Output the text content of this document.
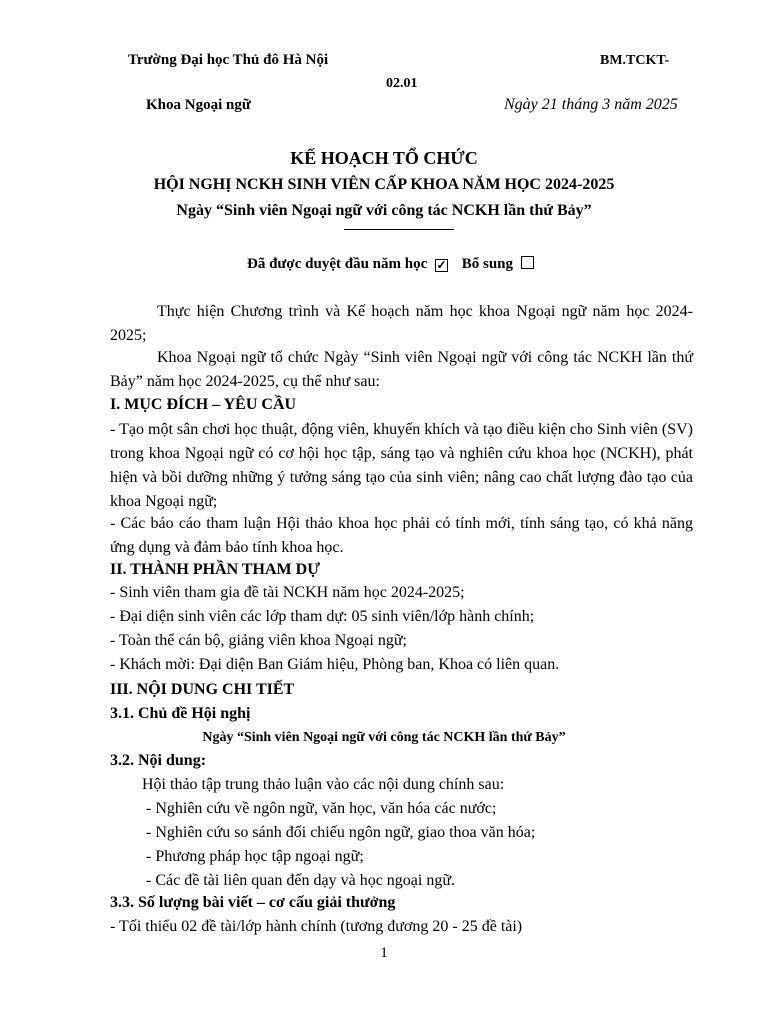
Trường Đại học Thủ đô Hà Nội	BM.TCKT-
02.01
Khoa Ngoại ngữ	Ngày 21 tháng 3 năm 2025
KẾ HOẠCH TỔ CHỨC
HỘI NGHỊ NCKH SINH VIÊN CẤP KHOA NĂM HỌC 2024-2025
Ngày “Sinh viên Ngoại ngữ với công tác NCKH lần thứ Bảy”
Đã được duyệt đầu năm học ✓ Bổ sung
Thực hiện Chương trình và Kế hoạch năm học khoa Ngoại ngữ năm học 2024-2025;
Khoa Ngoại ngữ tổ chức Ngày “Sinh viên Ngoại ngữ với công tác NCKH lần thứ Bảy” năm học 2024-2025, cụ thể như sau:
I. MỤC ĐÍCH – YÊU CẦU
- Tạo một sân chơi học thuật, động viên, khuyến khích và tạo điều kiện cho Sinh viên (SV) trong khoa Ngoại ngữ có cơ hội học tập, sáng tạo và nghiên cứu khoa học (NCKH), phát hiện và bồi dưỡng những ý tưởng sáng tạo của sinh viên; nâng cao chất lượng đào tạo của khoa Ngoại ngữ;
- Các báo cáo tham luận Hội thảo khoa học phải có tính mới, tính sáng tạo, có khả năng ứng dụng và đảm bảo tính khoa học.
II. THÀNH PHẦN THAM DỰ
- Sinh viên tham gia đề tài NCKH năm học 2024-2025;
- Đại diện sinh viên các lớp tham dự: 05 sinh viên/lớp hành chính;
- Toàn thể cán bộ, giảng viên khoa Ngoại ngữ;
- Khách mời: Đại diện Ban Giám hiệu, Phòng ban, Khoa có liên quan.
III. NỘI DUNG CHI TIẾT
3.1. Chủ đề Hội nghị
Ngày “Sinh viên Ngoại ngữ với công tác NCKH lần thứ Bảy”
3.2. Nội dung:
Hội thảo tập trung thảo luận vào các nội dung chính sau:
- Nghiên cứu về ngôn ngữ, văn học, văn hóa các nước;
- Nghiên cứu so sánh đối chiếu ngôn ngữ, giao thoa văn hóa;
- Phương pháp học tập ngoại ngữ;
- Các đề tài liên quan đến dạy và học ngoại ngữ.
3.3. Số lượng bài viết – cơ cấu giải thưởng
- Tối thiểu 02 đề tài/lớp hành chính (tương đương 20 - 25 đề tài)
1
